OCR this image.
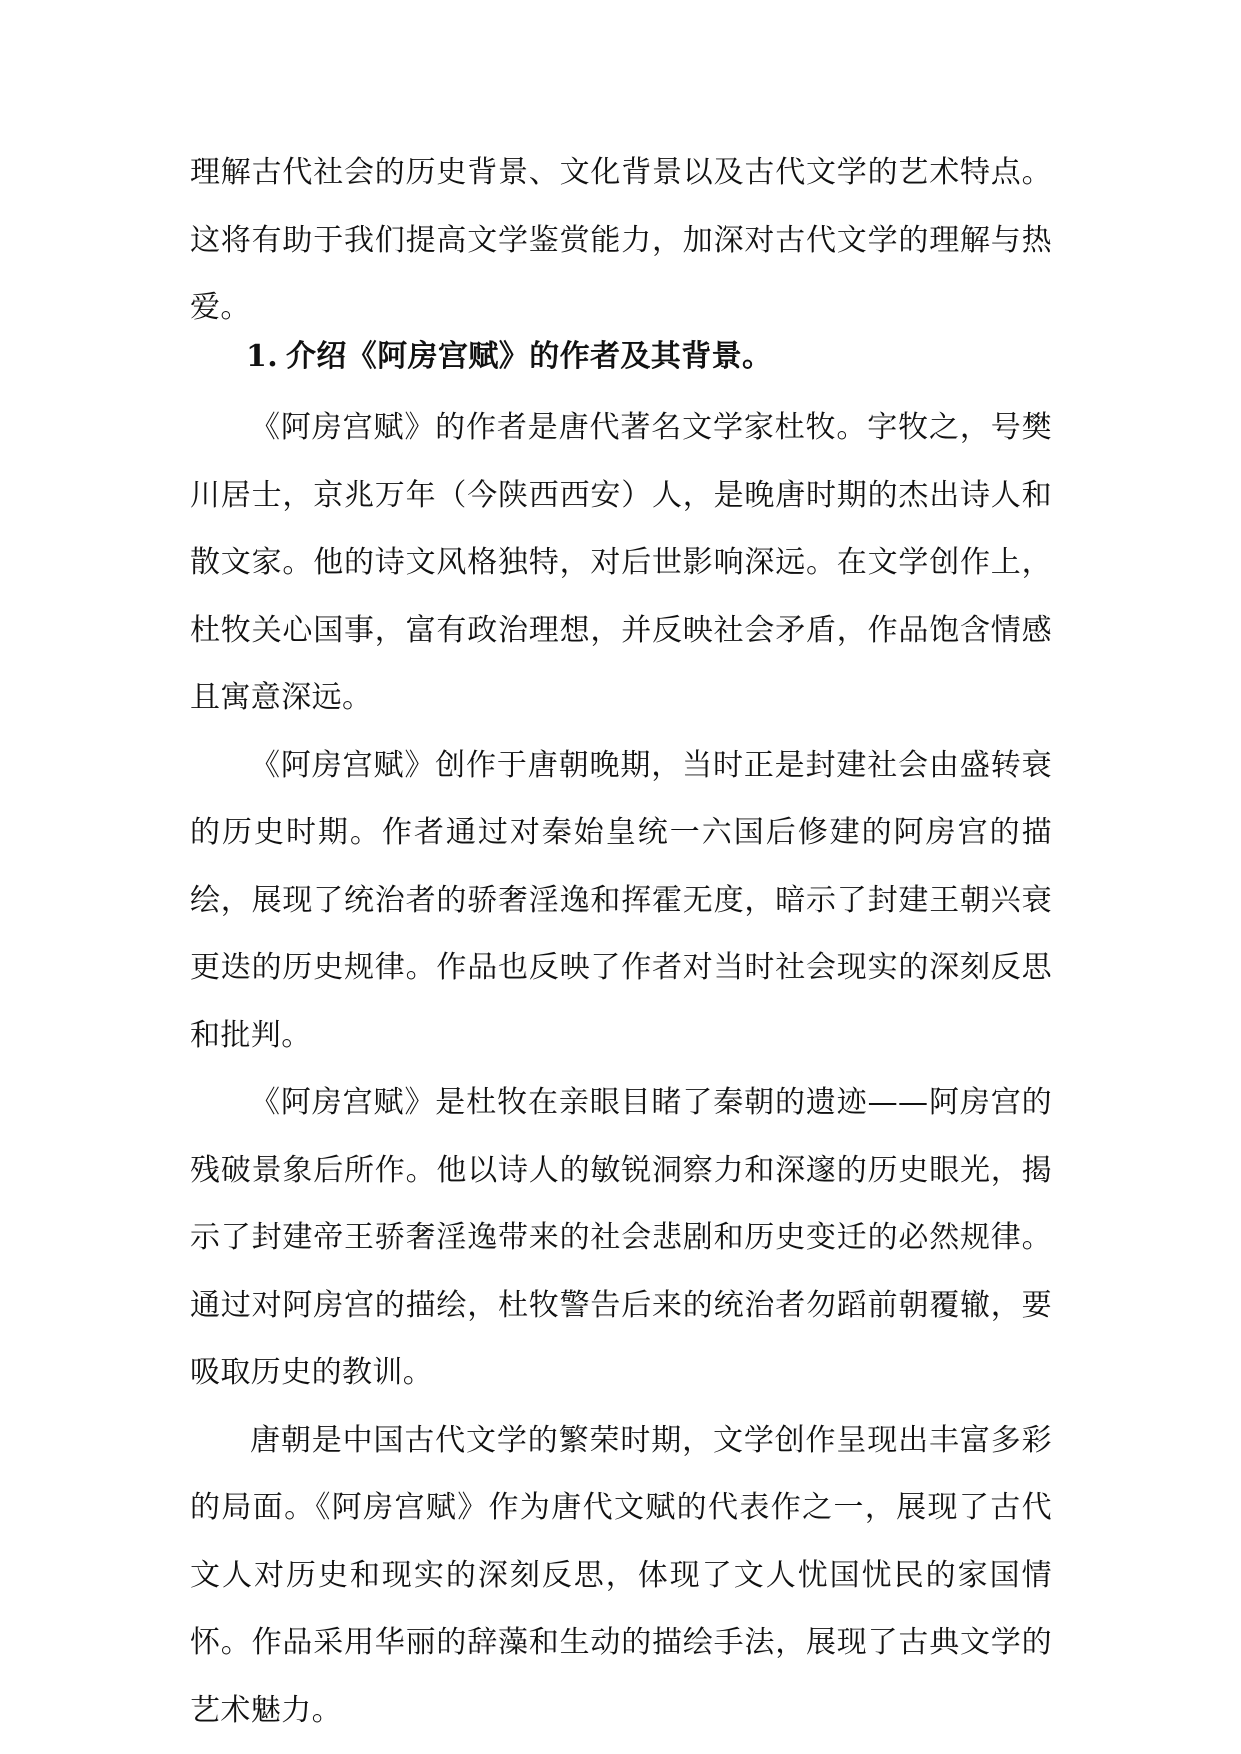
理解古代社会的历史背景、文化背景以及古代文学的艺术特点。这将有助于我们提高文学鉴赏能力，加深对古代文学的理解与热爱。

1. 介绍《阿房宫赋》的作者及其背景。

《阿房宫赋》的作者是唐代著名文学家杜牧。字牧之，号樊川居士，京兆万年（今陕西西安）人，是晚唐时期的杰出诗人和散文家。他的诗文风格独特，对后世影响深远。在文学创作上，杜牧关心国事，富有政治理想，并反映社会矛盾，作品饱含情感且寓意深远。

《阿房宫赋》创作于唐朝晚期，当时正是封建社会由盛转衰的历史时期。作者通过对秦始皇统一六国后修建的阿房宫的描绘，展现了统治者的骄奢淫逸和挥霍无度，暗示了封建王朝兴衰更迭的历史规律。作品也反映了作者对当时社会现实的深刻反思和批判。

《阿房宫赋》是杜牧在亲眼目睹了秦朝的遗迹——阿房宫的残破景象后所作。他以诗人的敏锐洞察力和深邃的历史眼光，揭示了封建帝王骄奢淫逸带来的社会悲剧和历史变迁的必然规律。通过对阿房宫的描绘，杜牧警告后来的统治者勿蹈前朝覆辙，要吸取历史的教训。

唐朝是中国古代文学的繁荣时期，文学创作呈现出丰富多彩的局面。《阿房宫赋》作为唐代文赋的代表作之一，展现了古代文人对历史和现实的深刻反思，体现了文人忧国忧民的家国情怀。作品采用华丽的辞藻和生动的描绘手法，展现了古典文学的艺术魅力。
